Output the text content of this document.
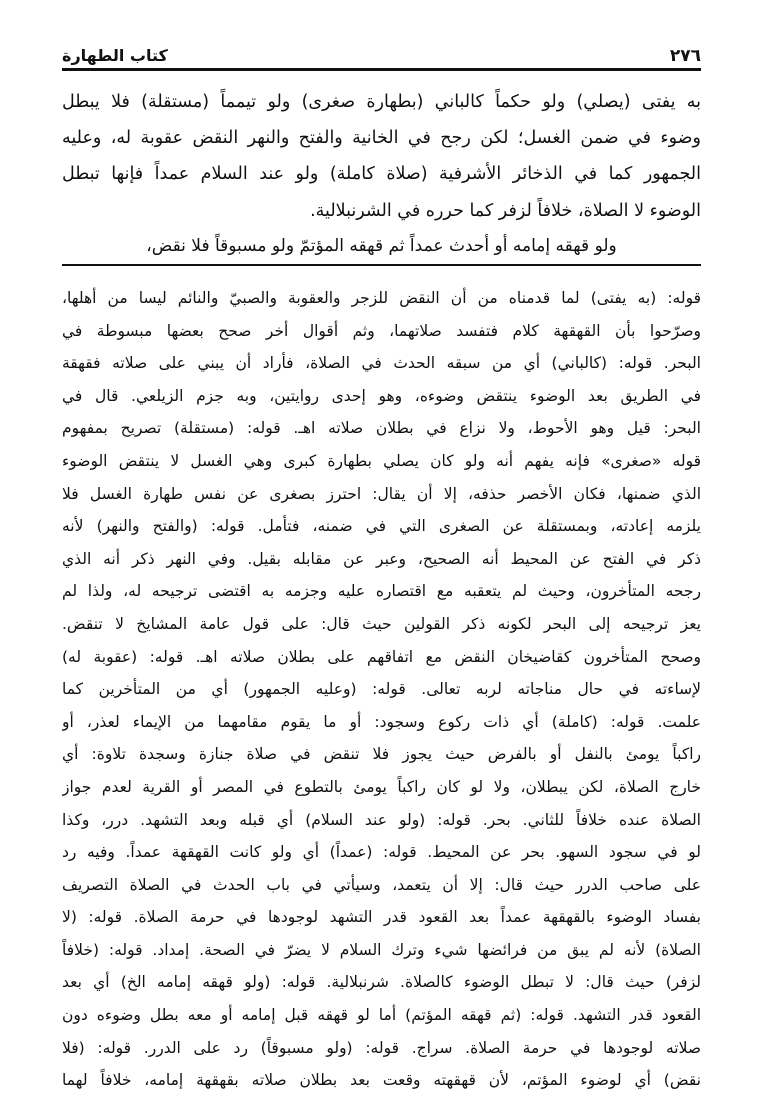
٢٧٦
كتاب الطهارة
به يفتى (يصلي) ولو حكماً كالباني (بطهارة صغرى) ولو تيمماً (مستقلة) فلا يبطل
وضوء في ضمن الغسل؛ لكن رجح في الخانية والفتح والنهر النقض عقوبة له، وعليه
الجمهور كما في الذخائر الأشرفية (صلاة كاملة) ولو عند السلام عمداً فإنها تبطل
الوضوء لا الصلاة، خلافاً لزفر كما حرره في الشرنبلالية.
ولو قهقه إمامه أو أحدث عمداً ثم قهقه المؤتمّ ولو مسبوقاً فلا نقض،
قوله: (به يفتى) لما قدمناه من أن النقض للزجر والعقوبة والصبيّ والنائم ليسا من أهلها،
وصرّحوا بأن القهقهة كلام فتفسد صلاتهما، وثم أقوال أخر صحح بعضها مبسوطة في
البحر. قوله: (كالباني) أي من سبقه الحدث في الصلاة، فأراد أن يبني على صلاته فقهقة
في الطريق بعد الوضوء ينتقض وضوءه، وهو إحدى روايتين، وبه جزم الزيلعي. قال في
البحر: قيل وهو الأحوط، ولا نزاع في بطلان صلاته اهـ. قوله: (مستقلة) تصريح بمفهوم
قوله «صغرى» فإنه يفهم أنه ولو كان يصلي بطهارة كبرى وهي الغسل لا ينتقض الوضوء
الذي ضمنها، فكان الأخصر حذفه، إلا أن يقال: احترز بصغرى عن نفس طهارة الغسل فلا
يلزمه إعادته، وبمستقلة عن الصغرى التي في ضمنه، فتأمل. قوله: (والفتح والنهر) لأنه
ذكر في الفتح عن المحيط أنه الصحيح، وعبر عن مقابله بقيل. وفي النهر ذكر أنه الذي
رجحه المتأخرون، وحيث لم يتعقبه مع اقتصاره عليه وجزمه به اقتضى ترجيحه له، ولذا لم
يعز ترجيحه إلى البحر لكونه ذكر القولين حيث قال: على قول عامة المشايخ لا تنقض.
وصحح المتأخرون كقاضيخان النقض مع اتفاقهم على بطلان صلاته اهـ. قوله: (عقوبة له)
لإساءته في حال مناجاته لربه تعالى. قوله: (وعليه الجمهور) أي من المتأخرين كما
علمت. قوله: (كاملة) أي ذات ركوع وسجود: أو ما يقوم مقامهما من الإيماء لعذر، أو
راكباً يومئ بالنفل أو بالفرض حيث يجوز فلا تنقض في صلاة جنازة وسجدة تلاوة: أي
خارج الصلاة، لكن يبطلان، ولا لو كان راكباً يومئ بالتطوع في المصر أو القرية لعدم جواز
الصلاة عنده خلافاً للثاني. بحر. قوله: (ولو عند السلام) أي قبله وبعد التشهد. درر، وكذا
لو في سجود السهو. بحر عن المحيط. قوله: (عمداً) أي ولو كانت القهقهة عمداً. وفيه رد
على صاحب الدرر حيث قال: إلا أن يتعمد، وسيأتي في باب الحدث في الصلاة التصريف
بفساد الوضوء بالقهقهة عمداً بعد القعود قدر التشهد لوجودها في حرمة الصلاة. قوله: (لا
الصلاة) لأنه لم يبق من فرائضها شيء وترك السلام لا يضرّ في الصحة. إمداد. قوله: (خلافاً
لزفر) حيث قال: لا تبطل الوضوء كالصلاة. شرنبلالية. قوله: (ولو قهقه إمامه الخ) أي بعد
القعود قدر التشهد. قوله: (ثم قهقه المؤتم) أما لو قهقه قبل إمامه أو معه بطل وضوءه دون
صلاته لوجودها في حرمة الصلاة. سراج. قوله: (ولو مسبوقاً) رد على الدرر. قوله: (فلا
نقض) أي لوضوء المؤتم، لأن قهقهته وقعت بعد بطلان صلاته بقهقهة إمامه، خلافاً لهما
